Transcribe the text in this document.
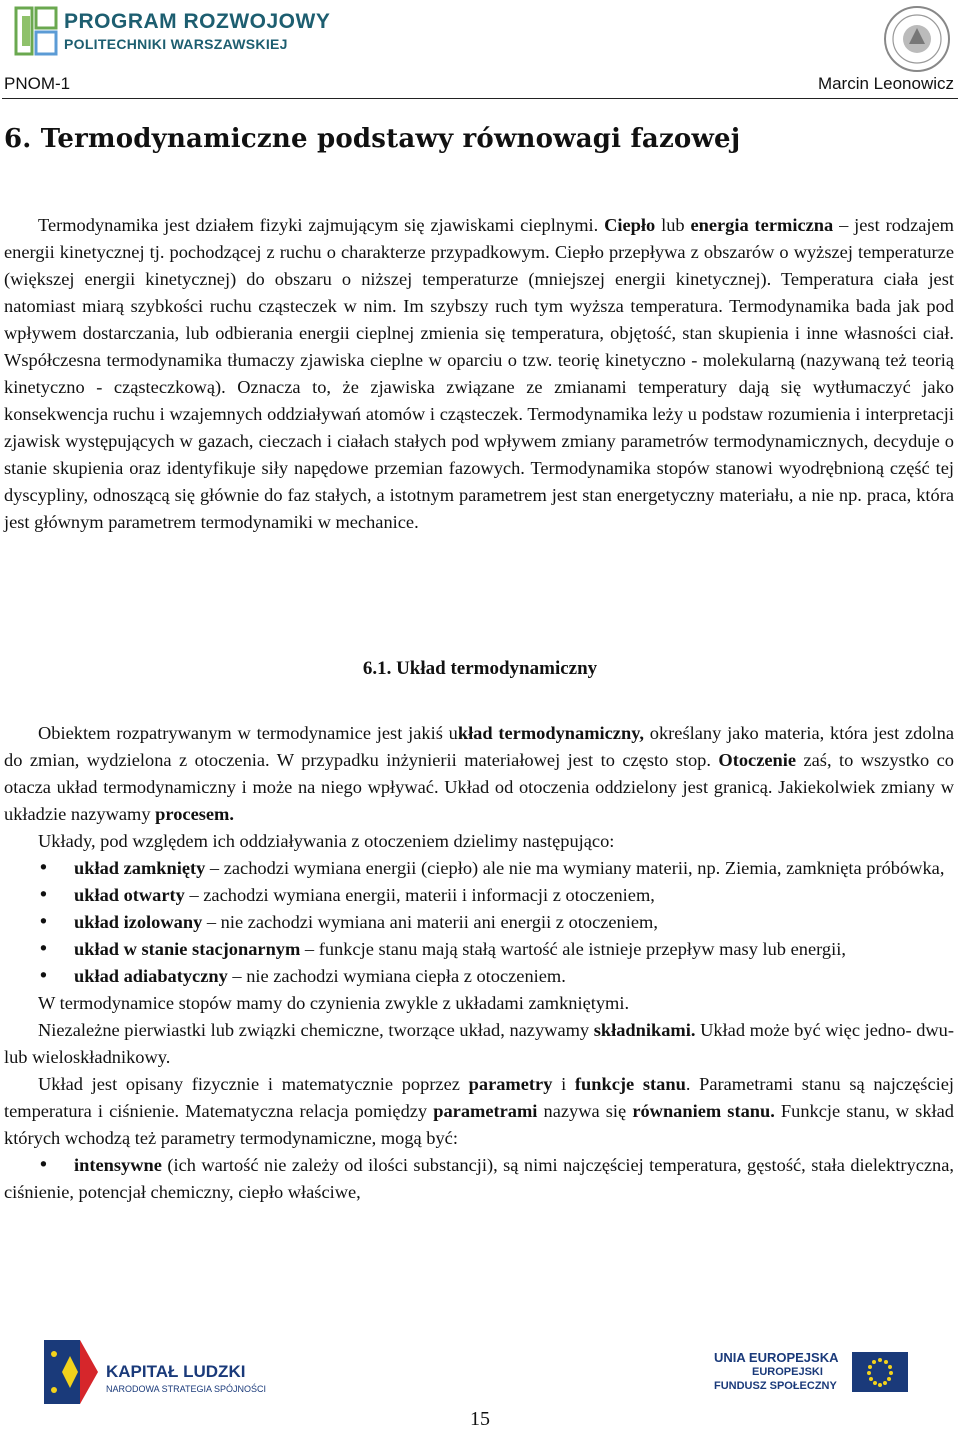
PROGRAM ROZWOJOWY
POLITECHNIKI WARSZAWSKIEJ
PNOM-1	Marcin Leonowicz
6. Termodynamiczne podstawy równowagi fazowej

Termodynamika jest działem fizyki zajmującym się zjawiskami cieplnymi. Ciepło lub energia termiczna – jest rodzajem energii kinetycznej tj. pochodzącej z ruchu o charakterze przypadkowym. Ciepło przepływa z obszarów o wyższej temperaturze (większej energii kinetycznej) do obszaru o niższej temperaturze (mniejszej energii kinetycznej). Temperatura ciała jest natomiast miarą szybkości ruchu cząsteczek w nim. Im szybszy ruch tym wyższa temperatura. Termodynamika bada jak pod wpływem dostarczania, lub odbierania energii cieplnej zmienia się temperatura, objętość, stan skupienia i inne własności ciał. Współczesna termodynamika tłumaczy zjawiska cieplne w oparciu o tzw. teorię kinetyczno - molekularną (nazywaną też teorią kinetyczno - cząsteczkową). Oznacza to, że zjawiska związane ze zmianami temperatury dają się wytłumaczyć jako konsekwencja ruchu i wzajemnych oddziaływań atomów i cząsteczek. Termodynamika leży u podstaw rozumienia i interpretacji zjawisk występujących w gazach, cieczach i ciałach stałych pod wpływem zmiany parametrów termodynamicznych, decyduje o stanie skupienia oraz identyfikuje siły napędowe przemian fazowych. Termodynamika stopów stanowi wyodrębnioną część tej dyscypliny, odnoszącą się głównie do faz stałych, a istotnym parametrem jest stan energetyczny materiału, a nie np. praca, która jest głównym parametrem termodynamiki w mechanice.

6.1. Układ termodynamiczny

Obiektem rozpatrywanym w termodynamice jest jakiś układ termodynamiczny, określany jako materia, która jest zdolna do zmian, wydzielona z otoczenia. W przypadku inżynierii materiałowej jest to często stop. Otoczenie zaś, to wszystko co otacza układ termodynamiczny i może na niego wpływać. Układ od otoczenia oddzielony jest granicą. Jakiekolwiek zmiany w układzie nazywamy procesem.

Układy, pod względem ich oddziaływania z otoczeniem dzielimy następująco:

• układ zamknięty – zachodzi wymiana energii (ciepło) ale nie ma wymiany materii, np. Ziemia, zamknięta próbówka,
• układ otwarty – zachodzi wymiana energii, materii i informacji z otoczeniem,
• układ izolowany – nie zachodzi wymiana ani materii ani energii z otoczeniem,
• układ w stanie stacjonarnym – funkcje stanu mają stałą wartość ale istnieje przepływ masy lub energii,
• układ adiabatyczny – nie zachodzi wymiana ciepła z otoczeniem.

W termodynamice stopów mamy do czynienia zwykle z układami zamkniętymi.

Niezależne pierwiastki lub związki chemiczne, tworzące układ, nazywamy składnikami. Układ może być więc jedno- dwu- lub wieloskładnikowy.

Układ jest opisany fizycznie i matematycznie poprzez parametry i funkcje stanu. Parametrami stanu są najczęściej temperatura i ciśnienie. Matematyczna relacja pomiędzy parametrami nazywa się równaniem stanu. Funkcje stanu, w skład których wchodzą też parametry termodynamiczne, mogą być:

• intensywne (ich wartość nie zależy od ilości substancji), są nimi najczęściej temperatura, gęstość, stała dielektryczna, ciśnienie, potencjał chemiczny, ciepło właściwe,
KAPITAŁ LUDZKI
NARODOWA STRATEGIA SPÓJNOŚCI
UNIA EUROPEJSKA
EUROPEJSKI
FUNDUSZ SPOŁECZNY
15
